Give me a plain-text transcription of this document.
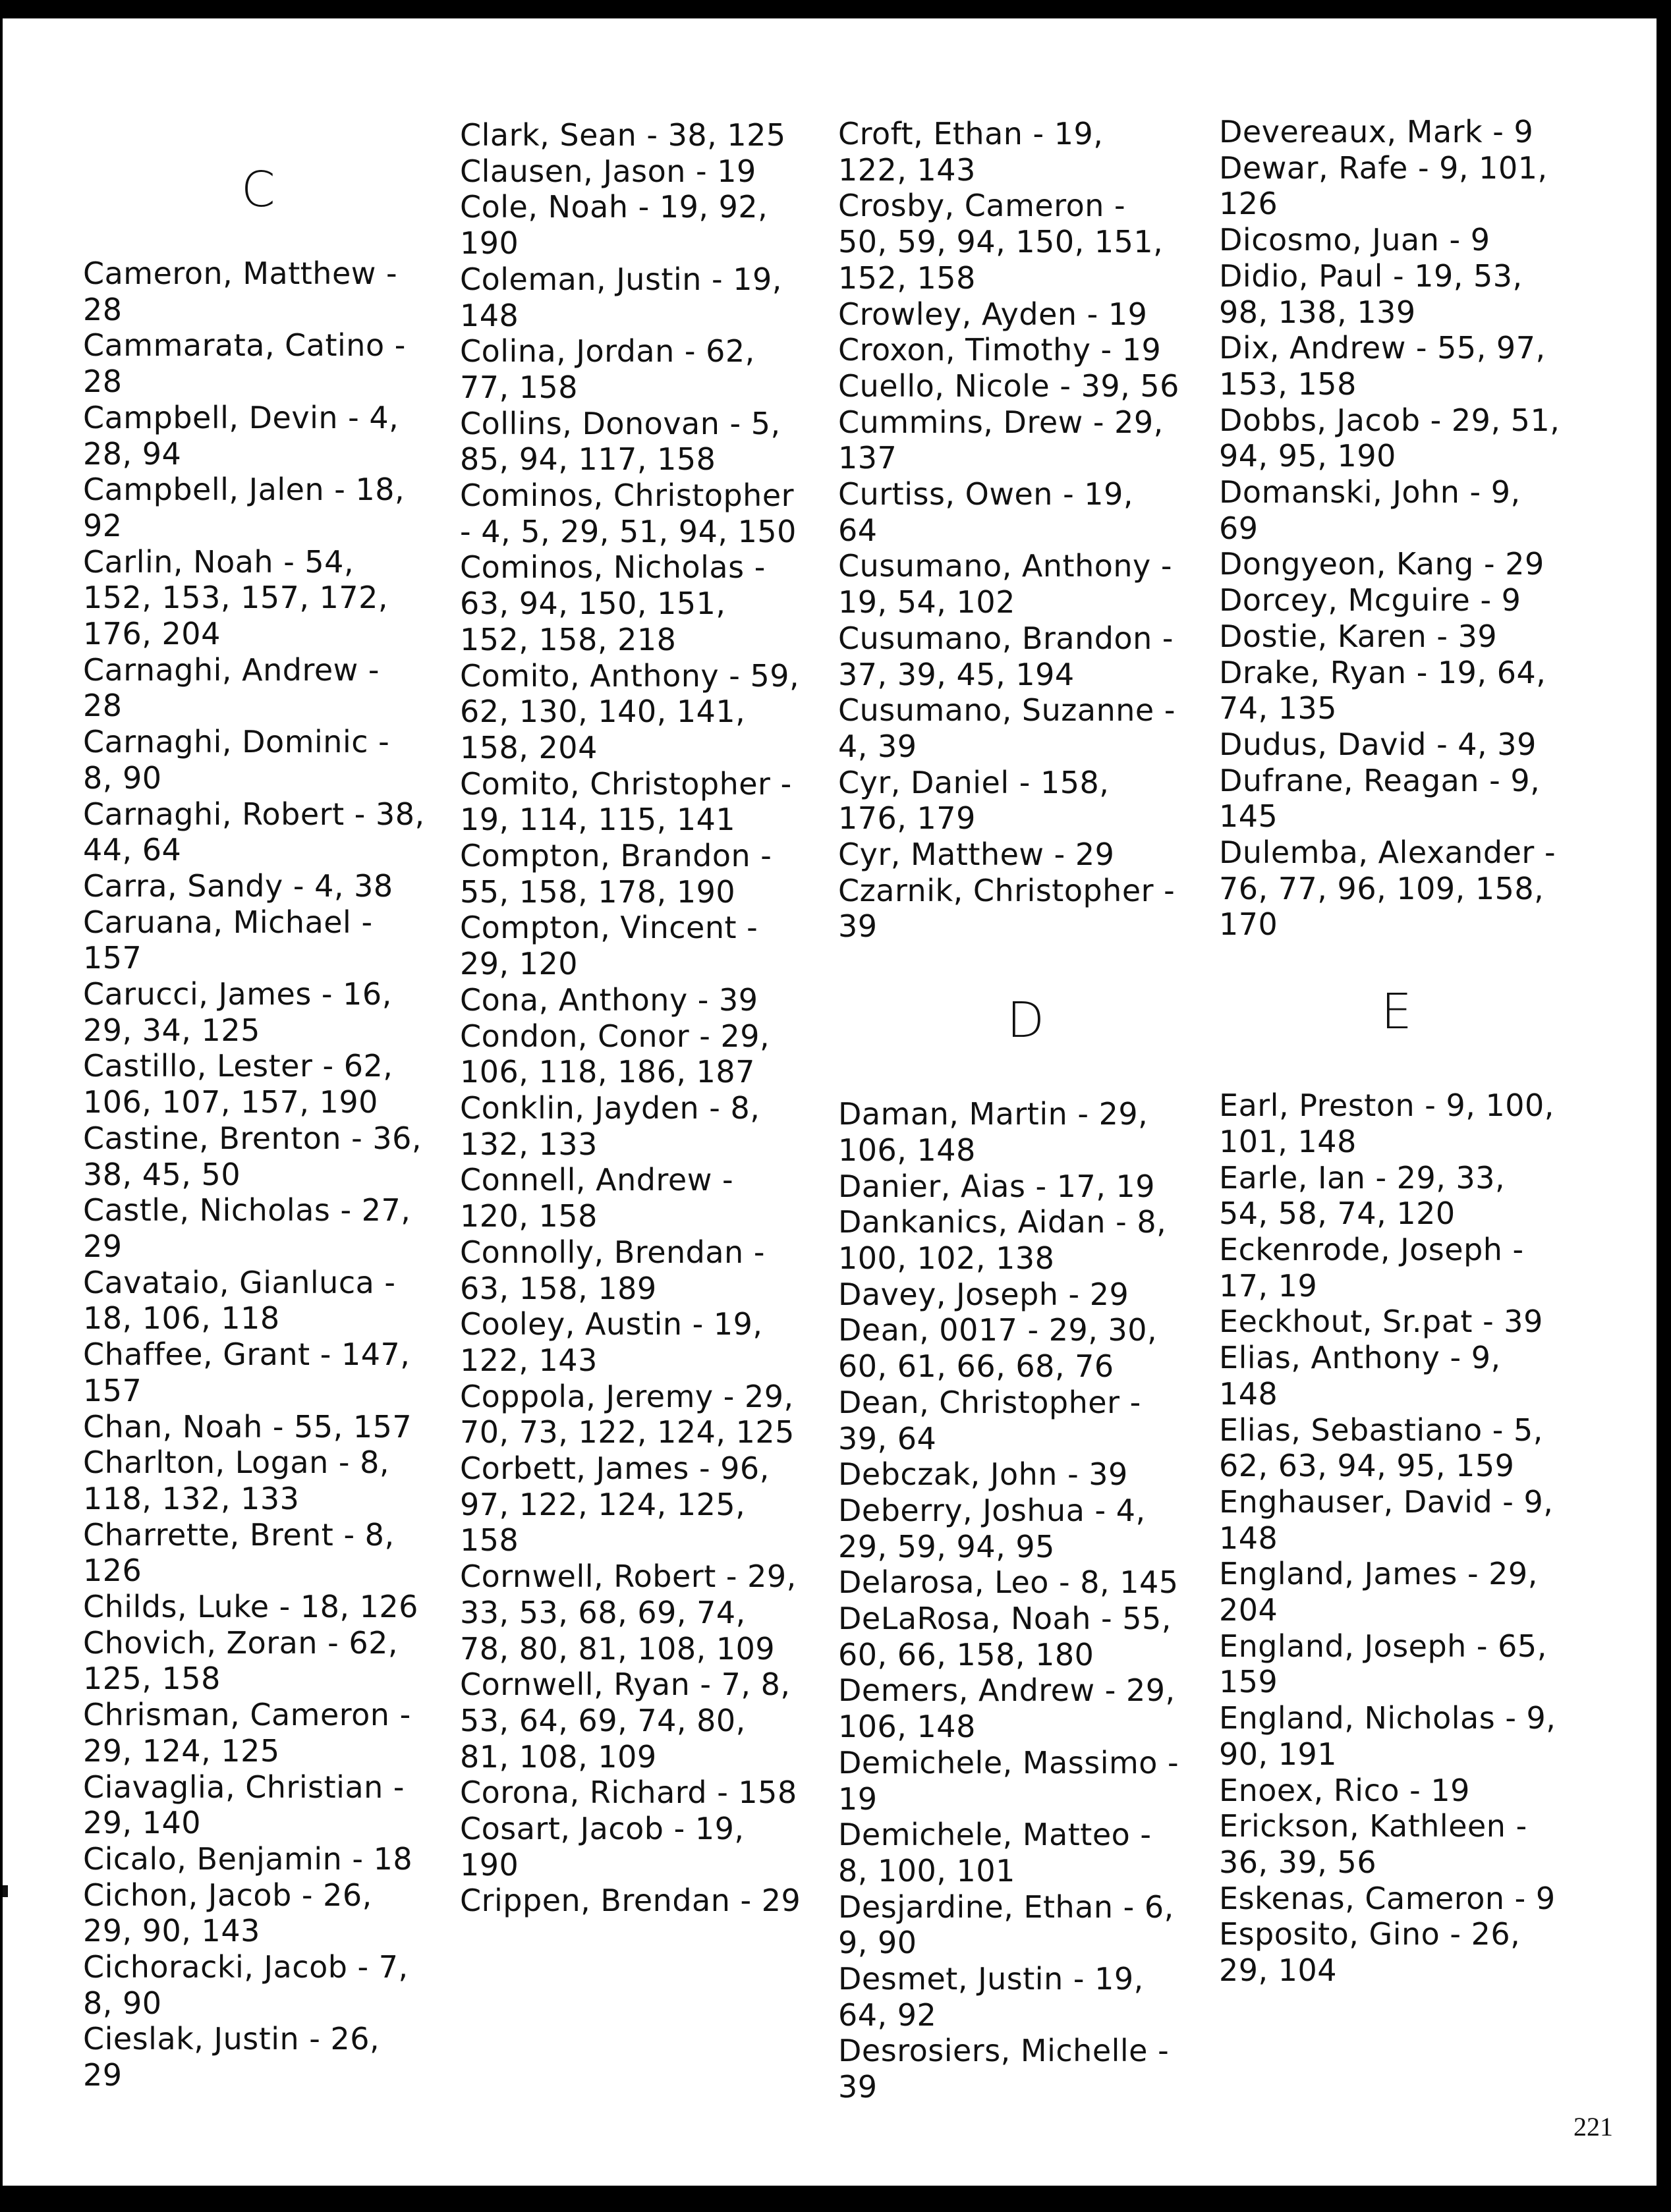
C
Cameron, Matthew - 28
Cammarata, Catino - 28
Campbell, Devin - 4, 28, 94
Campbell, Jalen - 18, 92
Carlin, Noah - 54, 152, 153, 157, 172, 176, 204
Carnaghi, Andrew - 28
Carnaghi, Dominic - 8, 90
Carnaghi, Robert - 38, 44, 64
Carra, Sandy - 4, 38
Caruana, Michael - 157
Carucci, James - 16, 29, 34, 125
Castillo, Lester - 62, 106, 107, 157, 190
Castine, Brenton - 36, 38, 45, 50
Castle, Nicholas - 27, 29
Cavataio, Gianluca - 18, 106, 118
Chaffee, Grant - 147, 157
Chan, Noah - 55, 157
Charlton, Logan - 8, 118, 132, 133
Charrette, Brent - 8, 126
Childs, Luke - 18, 126
Chovich, Zoran - 62, 125, 158
Chrisman, Cameron - 29, 124, 125
Ciavaglia, Christian - 29, 140
Cicalo, Benjamin - 18
Cichon, Jacob - 26, 29, 90, 143
Cichoracki, Jacob - 7, 8, 90
Cieslak, Justin - 26, 29
Clark, Sean - 38, 125
Clausen, Jason - 19
Cole, Noah - 19, 92, 190
Coleman, Justin - 19, 148
Colina, Jordan - 62, 77, 158
Collins, Donovan - 5, 85, 94, 117, 158
Cominos, Christopher - 4, 5, 29, 51, 94, 150
Cominos, Nicholas - 63, 94, 150, 151, 152, 158, 218
Comito, Anthony - 59, 62, 130, 140, 141, 158, 204
Comito, Christopher - 19, 114, 115, 141
Compton, Brandon - 55, 158, 178, 190
Compton, Vincent - 29, 120
Cona, Anthony - 39
Condon, Conor - 29, 106, 118, 186, 187
Conklin, Jayden - 8, 132, 133
Connell, Andrew - 120, 158
Connolly, Brendan - 63, 158, 189
Cooley, Austin - 19, 122, 143
Coppola, Jeremy - 29, 70, 73, 122, 124, 125
Corbett, James - 96, 97, 122, 124, 125, 158
Cornwell, Robert - 29, 33, 53, 68, 69, 74, 78, 80, 81, 108, 109
Cornwell, Ryan - 7, 8, 53, 64, 69, 74, 80, 81, 108, 109
Corona, Richard - 158
Cosart, Jacob - 19, 190
Crippen, Brendan - 29
Croft, Ethan - 19, 122, 143
Crosby, Cameron - 50, 59, 94, 150, 151, 152, 158
Crowley, Ayden - 19
Croxon, Timothy - 19
Cuello, Nicole - 39, 56
Cummins, Drew - 29, 137
Curtiss, Owen - 19, 64
Cusumano, Anthony - 19, 54, 102
Cusumano, Brandon - 37, 39, 45, 194
Cusumano, Suzanne - 4, 39
Cyr, Daniel - 158, 176, 179
Cyr, Matthew - 29
Czarnik, Christopher - 39
D
Daman, Martin - 29, 106, 148
Danier, Aias - 17, 19
Dankanics, Aidan - 8, 100, 102, 138
Davey, Joseph - 29
Dean, 0017 - 29, 30, 60, 61, 66, 68, 76
Dean, Christopher - 39, 64
Debczak, John - 39
Deberry, Joshua - 4, 29, 59, 94, 95
Delarosa, Leo - 8, 145
DeLaRosa, Noah - 55, 60, 66, 158, 180
Demers, Andrew - 29, 106, 148
Demichele, Massimo - 19
Demichele, Matteo - 8, 100, 101
Desjardine, Ethan - 6, 9, 90
Desmet, Justin - 19, 64, 92
Desrosiers, Michelle - 39
Devereaux, Mark - 9
Dewar, Rafe - 9, 101, 126
Dicosmo, Juan - 9
Didio, Paul - 19, 53, 98, 138, 139
Dix, Andrew - 55, 97, 153, 158
Dobbs, Jacob - 29, 51, 94, 95, 190
Domanski, John - 9, 69
Dongyeon, Kang - 29
Dorcey, Mcguire - 9
Dostie, Karen - 39
Drake, Ryan - 19, 64, 74, 135
Dudus, David - 4, 39
Dufrane, Reagan - 9, 145
Dulemba, Alexander - 76, 77, 96, 109, 158, 170
E
Earl, Preston - 9, 100, 101, 148
Earle, Ian - 29, 33, 54, 58, 74, 120
Eckenrode, Joseph - 17, 19
Eeckhout, Sr.pat - 39
Elias, Anthony - 9, 148
Elias, Sebastiano - 5, 62, 63, 94, 95, 159
Enghauser, David - 9, 148
England, James - 29, 204
England, Joseph - 65, 159
England, Nicholas - 9, 90, 191
Enoex, Rico - 19
Erickson, Kathleen - 36, 39, 56
Eskenas, Cameron - 9
Esposito, Gino - 26, 29, 104
221
